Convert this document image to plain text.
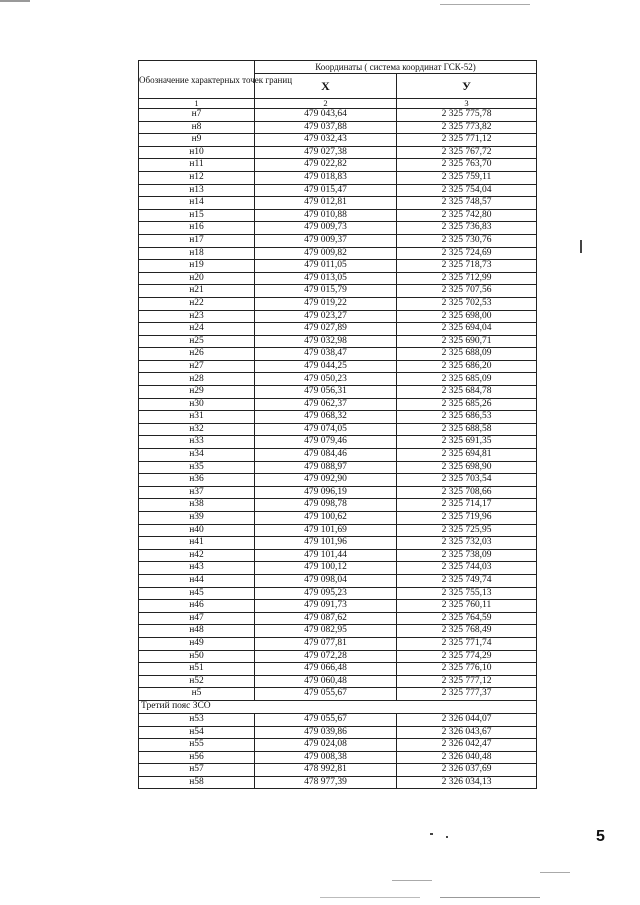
Обозначение характерных точек границ	Координаты ( система координат ГСК-52)	
	X	У
1	2	3
н7	479 043,64	2 325 775,78
н8	479 037,88	2 325 773,82
н9	479 032,43	2 325 771,12
н10	479 027,38	2 325 767,72
н11	479 022,82	2 325 763,70
н12	479 018,83	2 325 759,11
н13	479 015,47	2 325 754,04
н14	479 012,81	2 325 748,57
н15	479 010,88	2 325 742,80
н16	479 009,73	2 325 736,83
н17	479 009,37	2 325 730,76
н18	479 009,82	2 325 724,69
н19	479 011,05	2 325 718,73
н20	479 013,05	2 325 712,99
н21	479 015,79	2 325 707,56
н22	479 019,22	2 325 702,53
н23	479 023,27	2 325 698,00
н24	479 027,89	2 325 694,04
н25	479 032,98	2 325 690,71
н26	479 038,47	2 325 688,09
н27	479 044,25	2 325 686,20
н28	479 050,23	2 325 685,09
н29	479 056,31	2 325 684,78
н30	479 062,37	2 325 685,26
н31	479 068,32	2 325 686,53
н32	479 074,05	2 325 688,58
н33	479 079,46	2 325 691,35
н34	479 084,46	2 325 694,81
н35	479 088,97	2 325 698,90
н36	479 092,90	2 325 703,54
н37	479 096,19	2 325 708,66
н38	479 098,78	2 325 714,17
н39	479 100,62	2 325 719,96
н40	479 101,69	2 325 725,95
н41	479 101,96	2 325 732,03
н42	479 101,44	2 325 738,09
н43	479 100,12	2 325 744,03
н44	479 098,04	2 325 749,74
н45	479 095,23	2 325 755,13
н46	479 091,73	2 325 760,11
н47	479 087,62	2 325 764,59
н48	479 082,95	2 325 768,49
н49	479 077,81	2 325 771,74
н50	479 072,28	2 325 774,29
н51	479 066,48	2 325 776,10
н52	479 060,48	2 325 777,12
н5	479 055,67	2 325 777,37
Третий пояс ЗСО		
н53	479 055,67	2 326 044,07
н54	479 039,86	2 326 043,67
н55	479 024,08	2 326 042,47
н56	479 008,38	2 326 040,48
н57	478 992,81	2 326 037,69
н58	478 977,39	2 326 034,13
5
